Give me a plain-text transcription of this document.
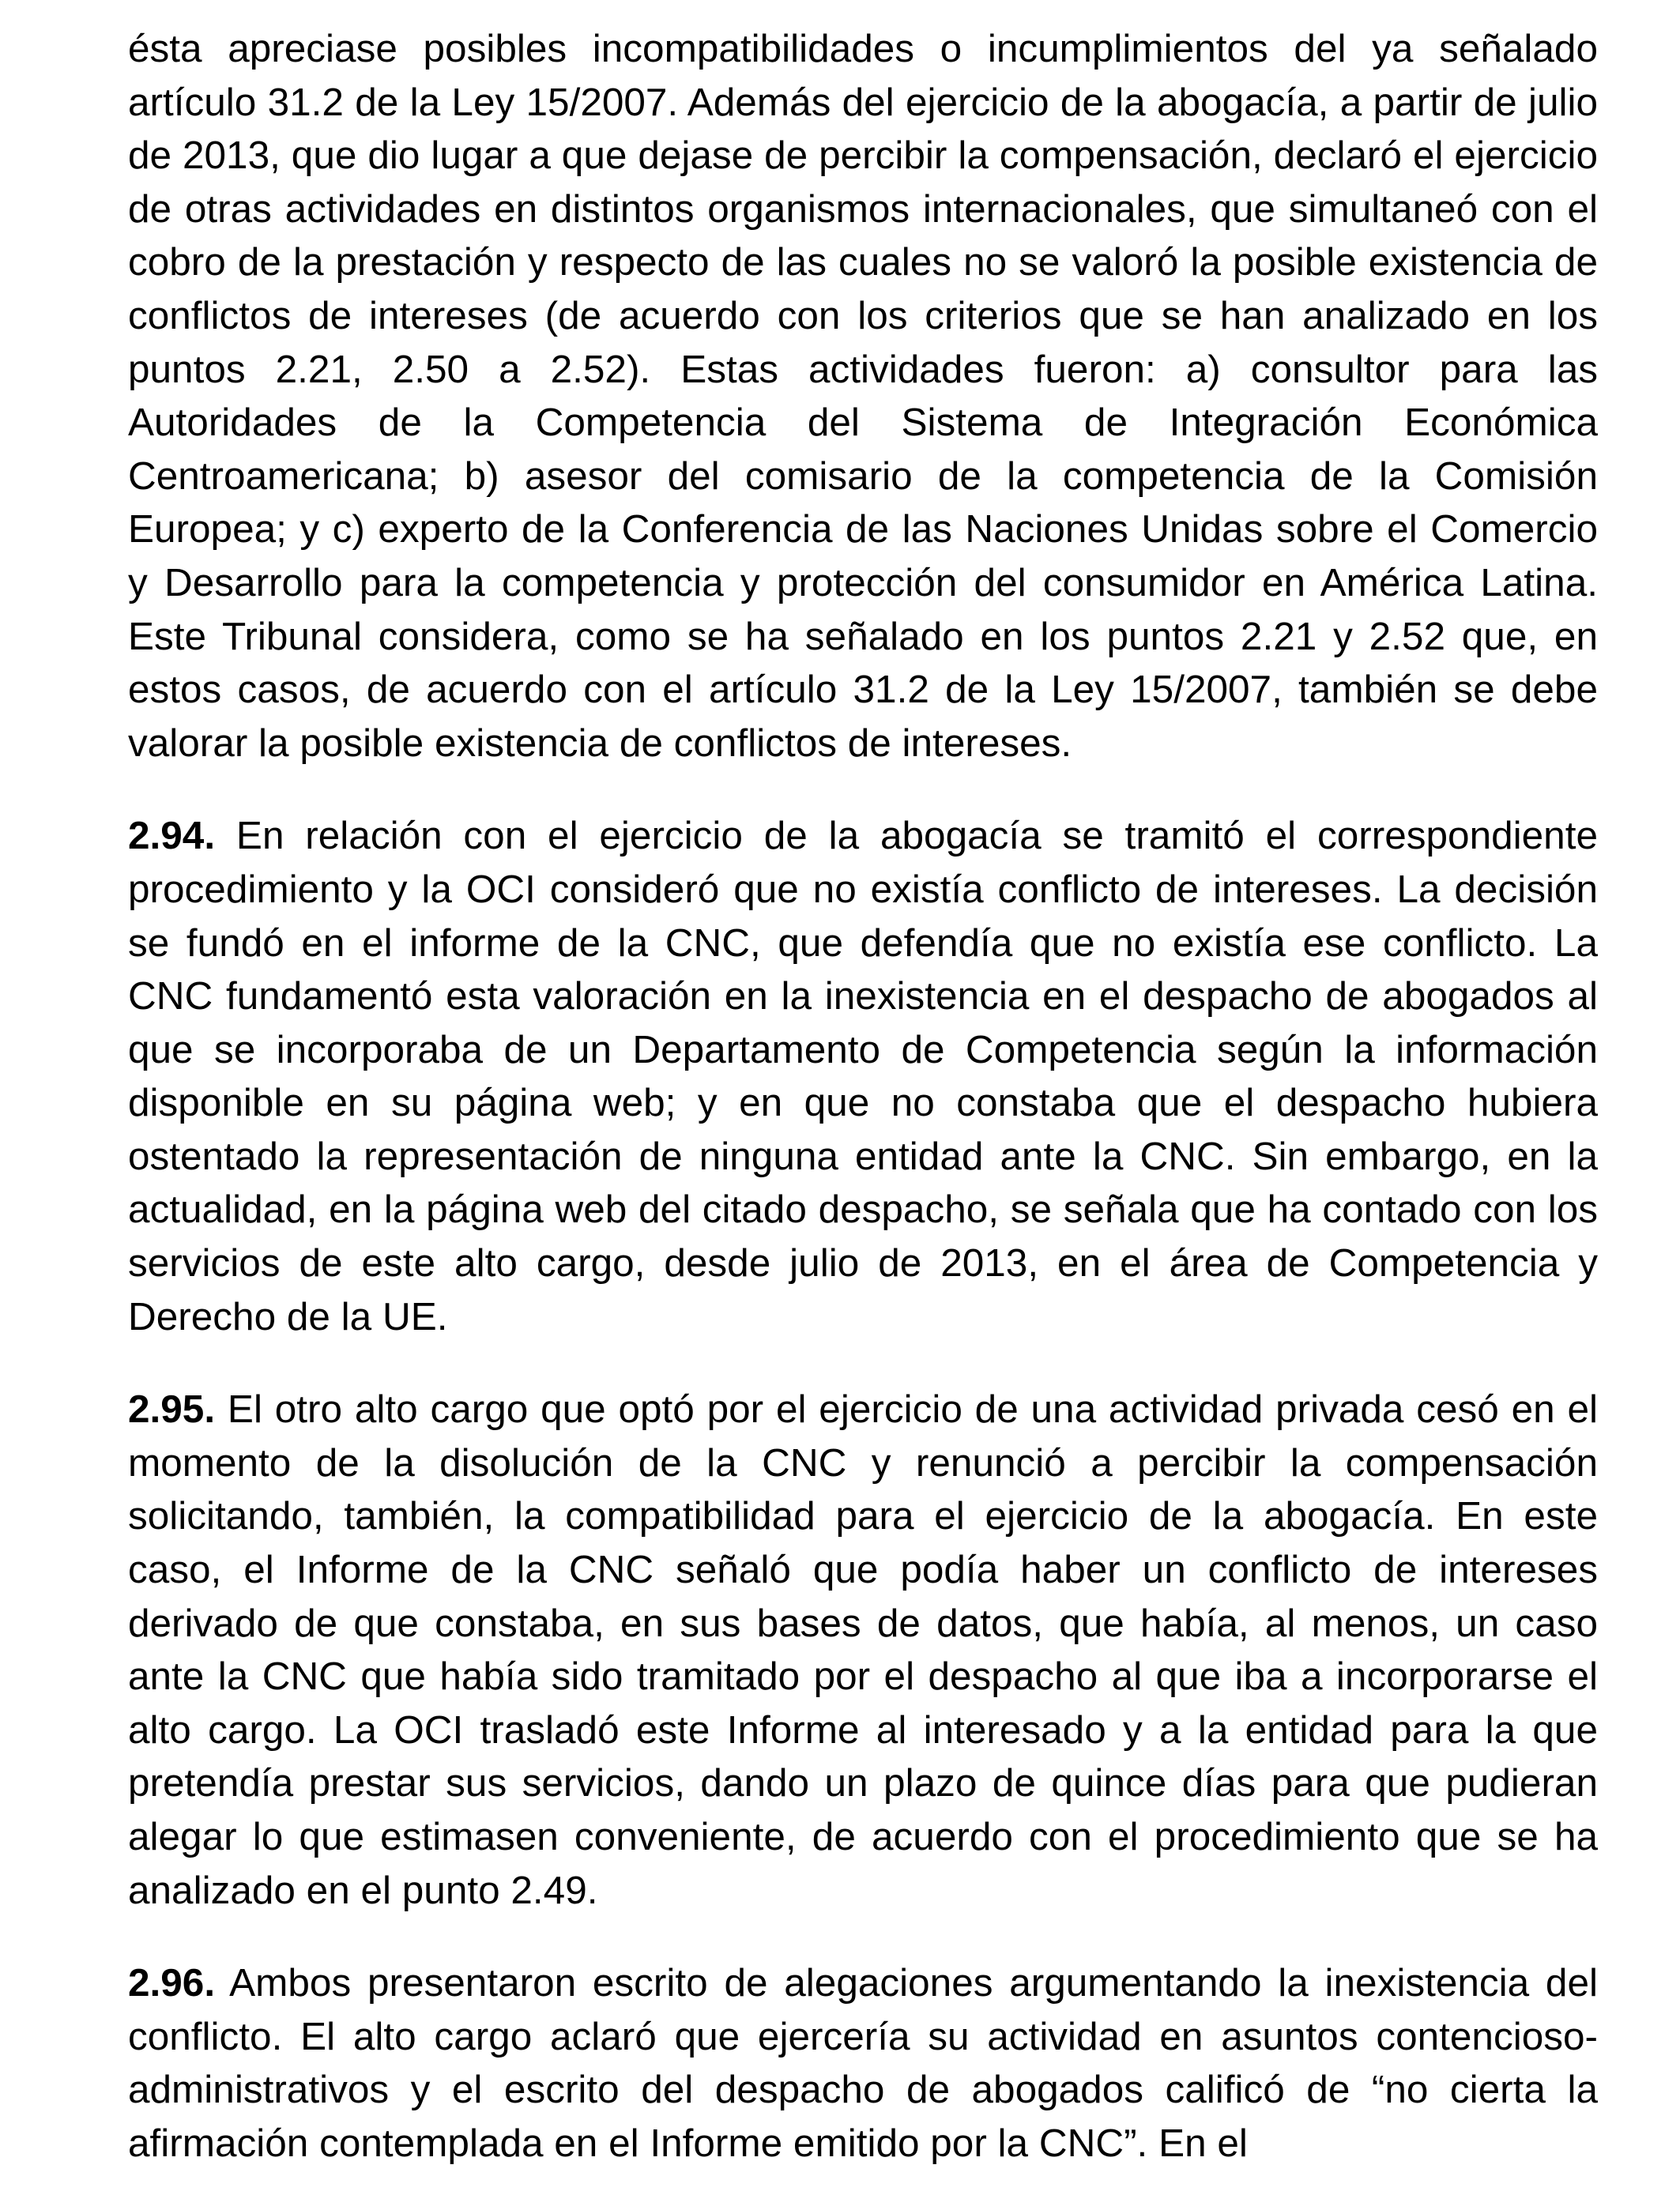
ésta apreciase posibles incompatibilidades o incumplimientos del ya señalado artículo 31.2 de la Ley 15/2007. Además del ejercicio de la abogacía, a partir de julio de 2013, que dio lugar a que dejase de percibir la compensación, declaró el ejercicio de otras actividades en distintos organismos internacionales, que simultaneó con el cobro de la prestación y respecto de las cuales no se valoró la posible existencia de conflictos de intereses (de acuerdo con los criterios que se han analizado en los puntos 2.21, 2.50 a 2.52). Estas actividades fueron: a) consultor para las Autoridades de la Competencia del Sistema de Integración Económica Centroamericana; b) asesor del comisario de la competencia de la Comisión Europea; y c) experto de la Conferencia de las Naciones Unidas sobre el Comercio y Desarrollo para la competencia y protección del consumidor en América Latina. Este Tribunal considera, como se ha señalado en los puntos 2.21 y 2.52 que, en estos casos, de acuerdo con el artículo 31.2 de la Ley 15/2007, también se debe valorar la posible existencia de conflictos de intereses.

2.94. En relación con el ejercicio de la abogacía se tramitó el correspondiente procedimiento y la OCI consideró que no existía conflicto de intereses. La decisión se fundó en el informe de la CNC, que defendía que no existía ese conflicto. La CNC fundamentó esta valoración en la inexistencia en el despacho de abogados al que se incorporaba de un Departamento de Competencia según la información disponible en su página web; y en que no constaba que el despacho hubiera ostentado la representación de ninguna entidad ante la CNC. Sin embargo, en la actualidad, en la página web del citado despacho, se señala que ha contado con los servicios de este alto cargo, desde julio de 2013, en el área de Competencia y Derecho de la UE.

2.95. El otro alto cargo que optó por el ejercicio de una actividad privada cesó en el momento de la disolución de la CNC y renunció a percibir la compensación solicitando, también, la compatibilidad para el ejercicio de la abogacía. En este caso, el Informe de la CNC señaló que podía haber un conflicto de intereses derivado de que constaba, en sus bases de datos, que había, al menos, un caso ante la CNC que había sido tramitado por el despacho al que iba a incorporarse el alto cargo. La OCI trasladó este Informe al interesado y a la entidad para la que pretendía prestar sus servicios, dando un plazo de quince días para que pudieran alegar lo que estimasen conveniente, de acuerdo con el procedimiento que se ha analizado en el punto 2.49.

2.96. Ambos presentaron escrito de alegaciones argumentando la inexistencia del conflicto. El alto cargo aclaró que ejercería su actividad en asuntos contencioso-administrativos y el escrito del despacho de abogados calificó de “no cierta la afirmación contemplada en el Informe emitido por la CNC”. En el
